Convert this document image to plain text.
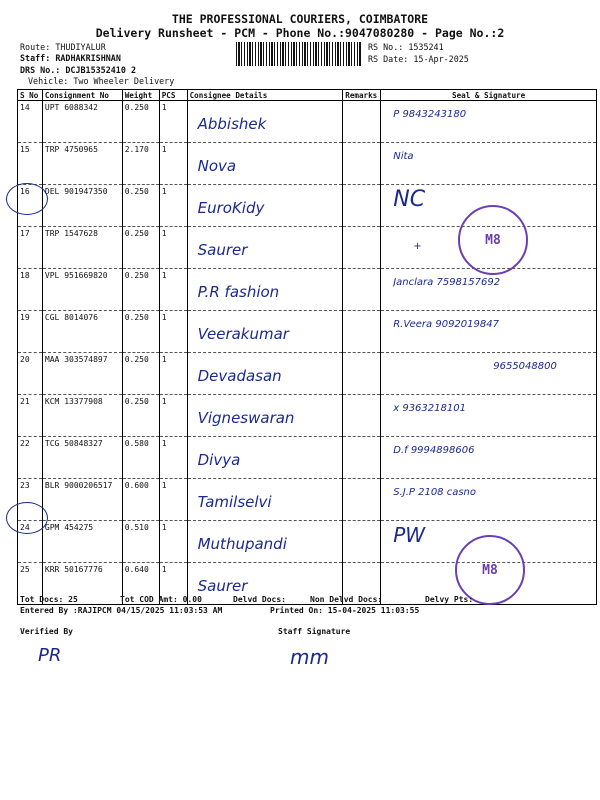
THE PROFESSIONAL COURIERS, COIMBATORE
Delivery Runsheet - PCM - Phone No.:9047080280 - Page No.:2
Route: THUDIYALUR
Staff: RADHAKRISHNAN
DRS No.: DCJB15352410 2
Vehicle: Two Wheeler Delivery
RS No.: 1535241
RS Date: 15-Apr-2025
S No	Consignment No	Weight	PCS	Consignee Details	Remarks	Seal & Signature
14	UPT 6088342	0.250	1	Abbishek		P 9843243180

15	TRP 4750965	2.170	1	Nova		Nita

16	DEL 901947350	0.250	1	EuroKidy		NC

17	TRP 1547628	0.250	1	Saurer		+

18	VPL 951669820	0.250	1	P.R fashion		Janclara 7598157692

19	CGL 8014076	0.250	1	Veerakumar		R.Veera 9092019847

20	MAA 303574897	0.250	1	Devadasan		9655048800

21	KCM 13377908	0.250	1	Vigneswaran		x 9363218101

22	TCG 50848327	0.580	1	Divya		D.f 9994898606

23	BLR 9000206517	0.600	1	Tamilselvi		S.J.P 2108 casno

24	GPM 454275	0.510	1	Muthupandi		PW

25	KRR 50167776	0.640	1	Saurer		

M8
M8
Tot Docs: 25	Tot COD Amt: 0.00	Delvd Docs:	Non Delvd Docs:	Delvy Pts:
Entered By :RAJIPCM 04/15/2025 11:03:53 AM	Printed On: 15-04-2025 11:03:55
Verified By	Staff Signature
PR	mm
